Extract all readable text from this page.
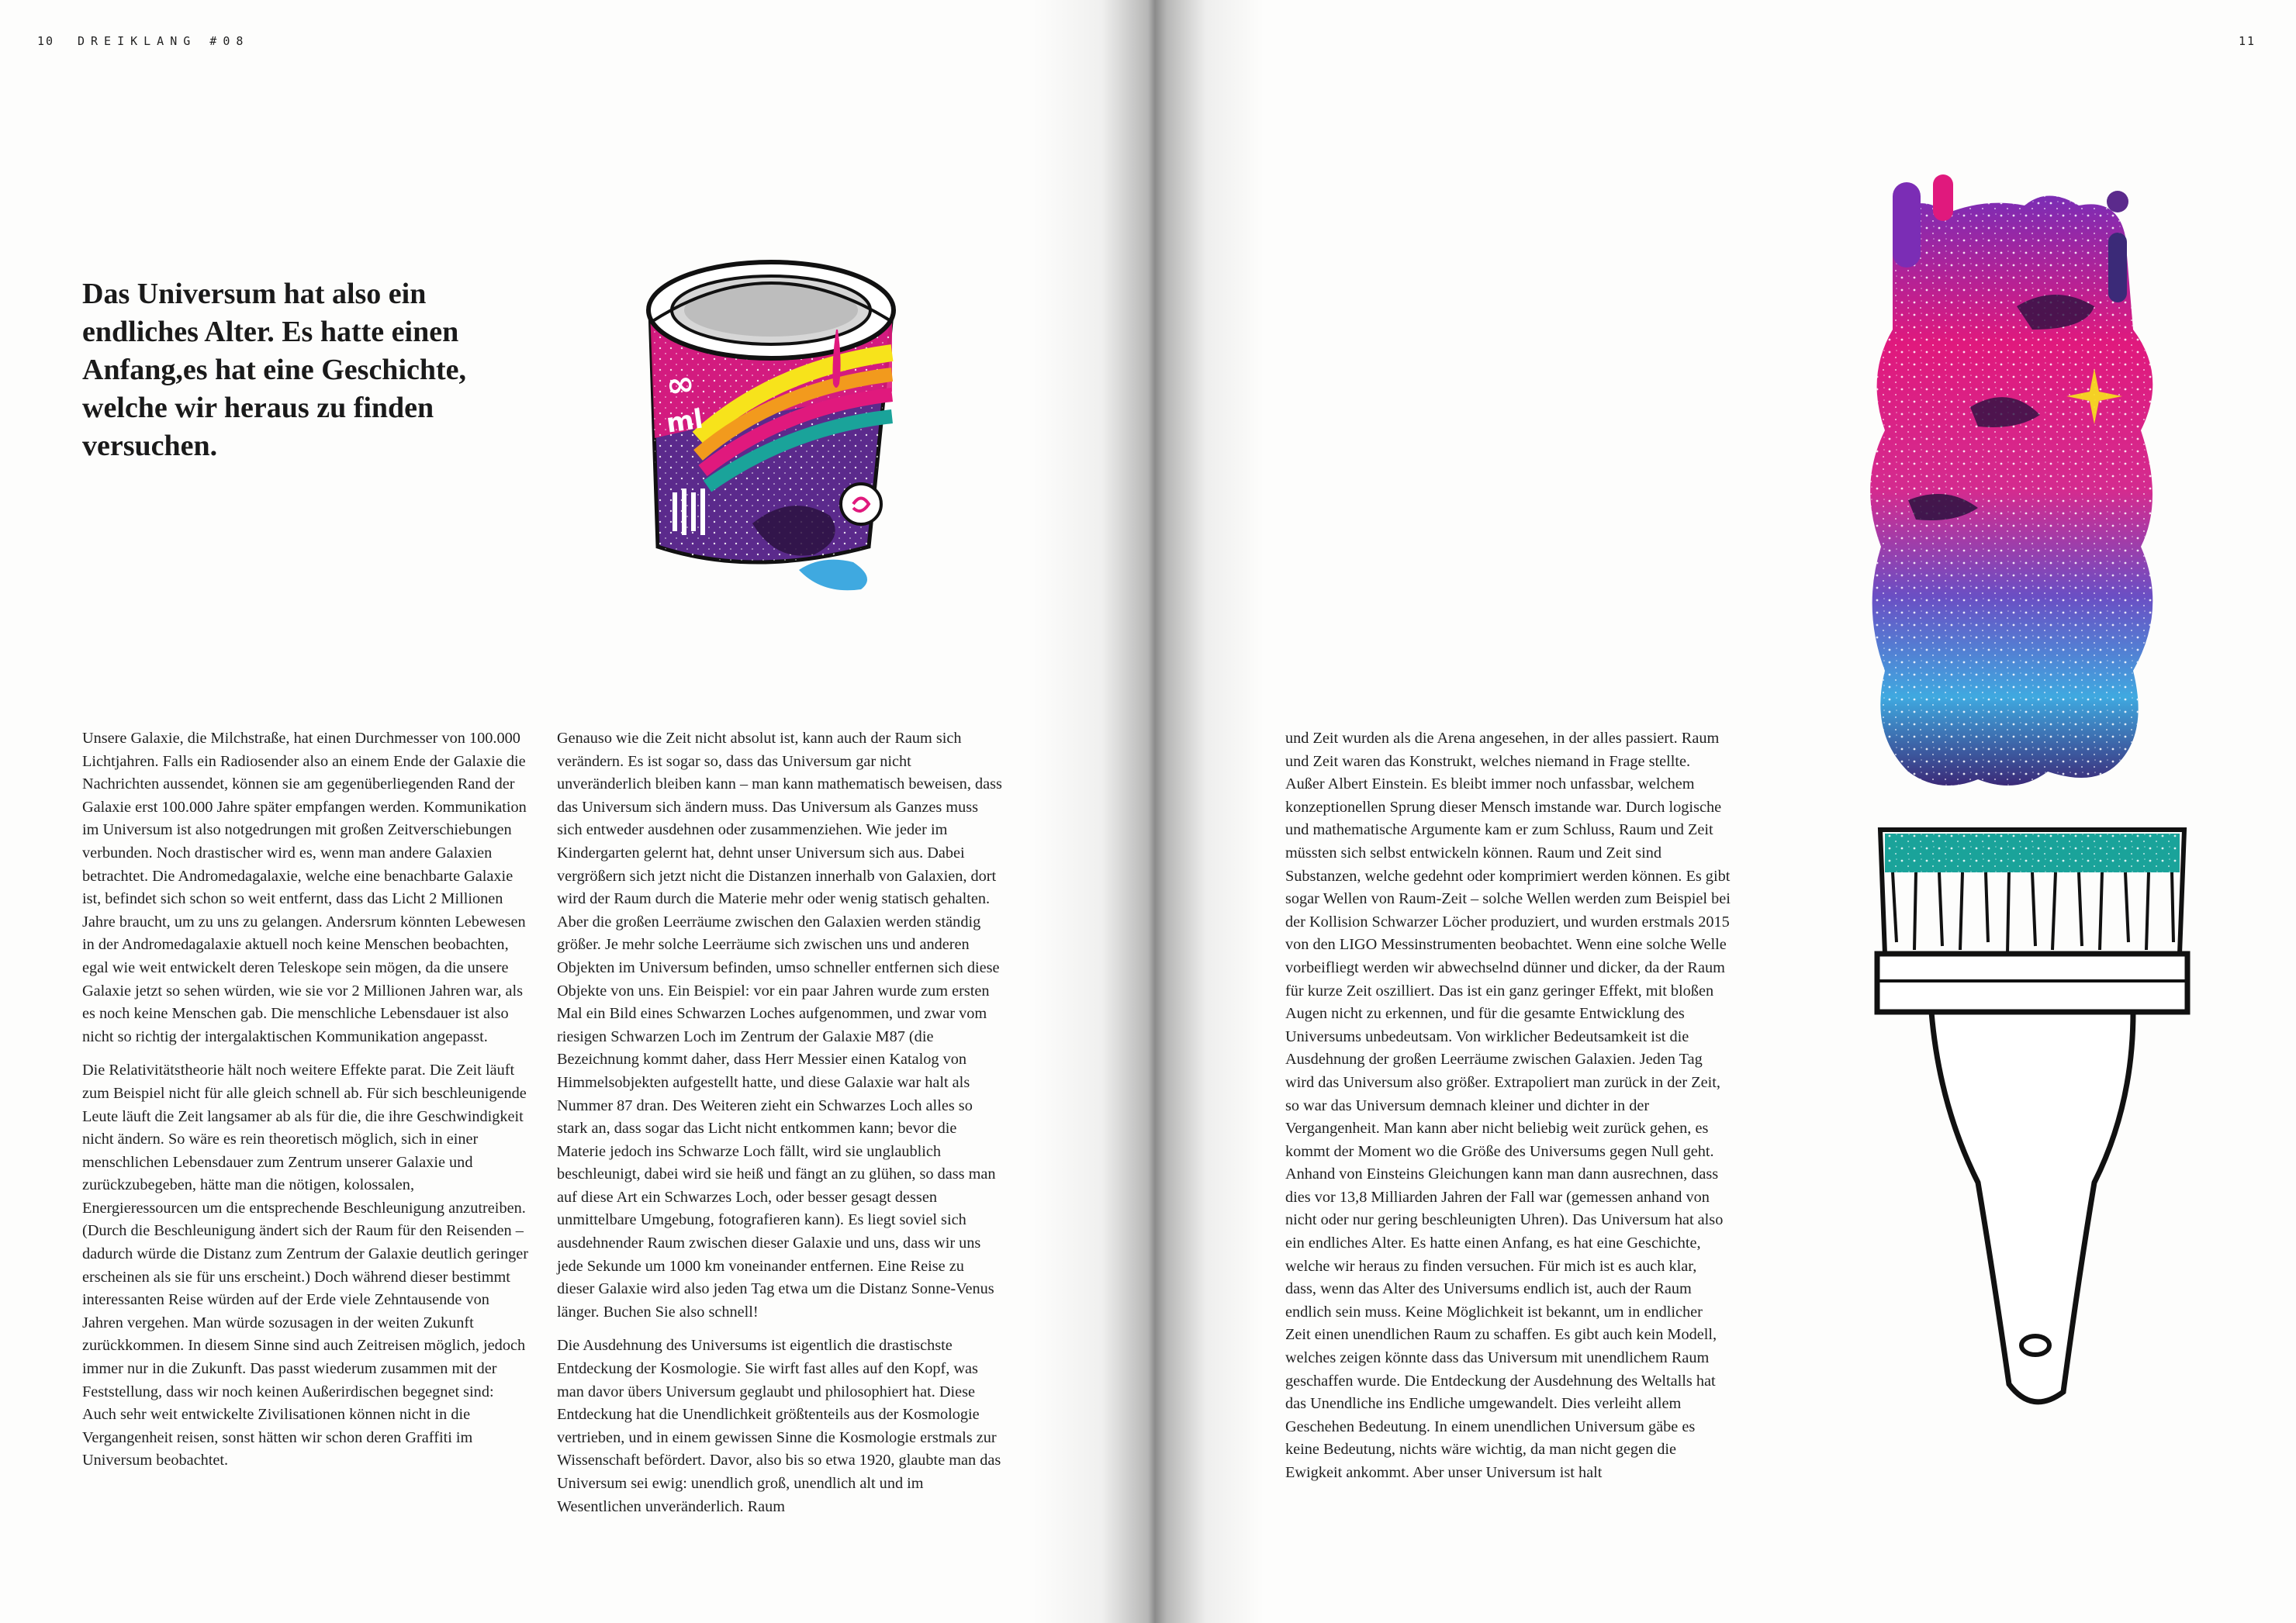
10 DREIKLANG #08	11

Das Universum hat also ein endliches Alter. Es hatte einen Anfang,es hat eine Geschichte, welche wir heraus zu finden versuchen.

∞
ml

Unsere Galaxie, die Milchstraße, hat einen Durchmesser von 100.000 Lichtjahren. Falls ein Radiosender also an einem Ende der Galaxie die Nachrichten aussendet, können sie am gegenüberliegenden Rand der Galaxie erst 100.000 Jahre später empfangen werden. Kommunikation im Universum ist also notgedrungen mit großen Zeitverschiebungen verbunden. Noch drastischer wird es, wenn man andere Galaxien betrachtet. Die Andromedagalaxie, welche eine benachbarte Galaxie ist, befindet sich schon so weit entfernt, dass das Licht 2 Millionen Jahre braucht, um zu uns zu gelangen. Andersrum könnten Lebewesen in der Andromedagalaxie aktuell noch keine Menschen beobachten, egal wie weit entwickelt deren Teleskope sein mögen, da die unsere Galaxie jetzt so sehen würden, wie sie vor 2 Millionen Jahren war, als es noch keine Menschen gab. Die menschliche Lebensdauer ist also nicht so richtig der intergalaktischen Kommunikation angepasst.

Die Relativitätstheorie hält noch weitere Effekte parat. Die Zeit läuft zum Beispiel nicht für alle gleich schnell ab. Für sich beschleunigende Leute läuft die Zeit langsamer ab als für die, die ihre Geschwindigkeit nicht ändern. So wäre es rein theoretisch möglich, sich in einer menschlichen Lebensdauer zum Zentrum unserer Galaxie und zurückzubegeben, hätte man die nötigen, kolossalen, Energieressourcen um die entsprechende Beschleunigung anzutreiben. (Durch die Beschleunigung ändert sich der Raum für den Reisenden – dadurch würde die Distanz zum Zentrum der Galaxie deutlich geringer erscheinen als sie für uns erscheint.) Doch während dieser bestimmt interessanten Reise würden auf der Erde viele Zehntausende von Jahren vergehen. Man würde sozusagen in der weiten Zukunft zurückkommen. In diesem Sinne sind auch Zeitreisen möglich, jedoch immer nur in die Zukunft. Das passt wiederum zusammen mit der Feststellung, dass wir noch keinen Außerirdischen begegnet sind: Auch sehr weit entwickelte Zivilisationen können nicht in die Vergangenheit reisen, sonst hätten wir schon deren Graffiti im Universum beobachtet.

Genauso wie die Zeit nicht absolut ist, kann auch der Raum sich verändern. Es ist sogar so, dass das Universum gar nicht unveränderlich bleiben kann – man kann mathematisch beweisen, dass das Universum sich ändern muss. Das Universum als Ganzes muss sich entweder ausdehnen oder zusammenziehen. Wie jeder im Kindergarten gelernt hat, dehnt unser Universum sich aus. Dabei vergrößern sich jetzt nicht die Distanzen innerhalb von Galaxien, dort wird der Raum durch die Materie mehr oder wenig statisch gehalten. Aber die großen Leerräume zwischen den Galaxien werden ständig größer. Je mehr solche Leerräume sich zwischen uns und anderen Objekten im Universum befinden, umso schneller entfernen sich diese Objekte von uns. Ein Beispiel: vor ein paar Jahren wurde zum ersten Mal ein Bild eines Schwarzen Loches aufgenommen, und zwar vom riesigen Schwarzen Loch im Zentrum der Galaxie M87 (die Bezeichnung kommt daher, dass Herr Messier einen Katalog von Himmelsobjekten aufgestellt hatte, und diese Galaxie war halt als Nummer 87 dran. Des Weiteren zieht ein Schwarzes Loch alles so stark an, dass sogar das Licht nicht entkommen kann; bevor die Materie jedoch ins Schwarze Loch fällt, wird sie unglaublich beschleunigt, dabei wird sie heiß und fängt an zu glühen, so dass man auf diese Art ein Schwarzes Loch, oder besser gesagt dessen unmittelbare Umgebung, fotografieren kann). Es liegt soviel sich ausdehnender Raum zwischen dieser Galaxie und uns, dass wir uns jede Sekunde um 1000 km voneinander entfernen. Eine Reise zu dieser Galaxie wird also jeden Tag etwa um die Distanz Sonne-Venus länger. Buchen Sie also schnell!

Die Ausdehnung des Universums ist eigentlich die drastischste Entdeckung der Kosmologie. Sie wirft fast alles auf den Kopf, was man davor übers Universum geglaubt und philosophiert hat. Diese Entdeckung hat die Unendlichkeit größtenteils aus der Kosmologie vertrieben, und in einem gewissen Sinne die Kosmologie erstmals zur Wissenschaft befördert. Davor, also bis so etwa 1920, glaubte man das Universum sei ewig: unendlich groß, unendlich alt und im Wesentlichen unveränderlich. Raum

und Zeit wurden als die Arena angesehen, in der alles passiert. Raum und Zeit waren das Konstrukt, welches niemand in Frage stellte. Außer Albert Einstein. Es bleibt immer noch unfassbar, welchem konzeptionellen Sprung dieser Mensch imstande war. Durch logische und mathematische Argumente kam er zum Schluss, Raum und Zeit müssten sich selbst entwickeln können. Raum und Zeit sind Substanzen, welche gedehnt oder komprimiert werden können. Es gibt sogar Wellen von Raum-Zeit – solche Wellen werden zum Beispiel bei der Kollision Schwarzer Löcher produziert, und wurden erstmals 2015 von den LIGO Messinstrumenten beobachtet. Wenn eine solche Welle vorbeifliegt werden wir abwechselnd dünner und dicker, da der Raum für kurze Zeit oszilliert. Das ist ein ganz geringer Effekt, mit bloßen Augen nicht zu erkennen, und für die gesamte Entwicklung des Universums unbedeutsam. Von wirklicher Bedeutsamkeit ist die Ausdehnung der großen Leerräume zwischen Galaxien. Jeden Tag wird das Universum also größer. Extrapoliert man zurück in der Zeit, so war das Universum demnach kleiner und dichter in der Vergangenheit. Man kann aber nicht beliebig weit zurück gehen, es kommt der Moment wo die Größe des Universums gegen Null geht. Anhand von Einsteins Gleichungen kann man dann ausrechnen, dass dies vor 13,8 Milliarden Jahren der Fall war (gemessen anhand von nicht oder nur gering beschleunigten Uhren). Das Universum hat also ein endliches Alter. Es hatte einen Anfang, es hat eine Geschichte, welche wir heraus zu finden versuchen. Für mich ist es auch klar, dass, wenn das Alter des Universums endlich ist, auch der Raum endlich sein muss. Keine Möglichkeit ist bekannt, um in endlicher Zeit einen unendlichen Raum zu schaffen. Es gibt auch kein Modell, welches zeigen könnte dass das Universum mit unendlichem Raum geschaffen wurde. Die Entdeckung der Ausdehnung des Weltalls hat das Unendliche ins Endliche umgewandelt. Dies verleiht allem Geschehen Bedeutung. In einem unendlichen Universum gäbe es keine Bedeutung, nichts wäre wichtig, da man nicht gegen die Ewigkeit ankommt. Aber unser Universum ist halt
